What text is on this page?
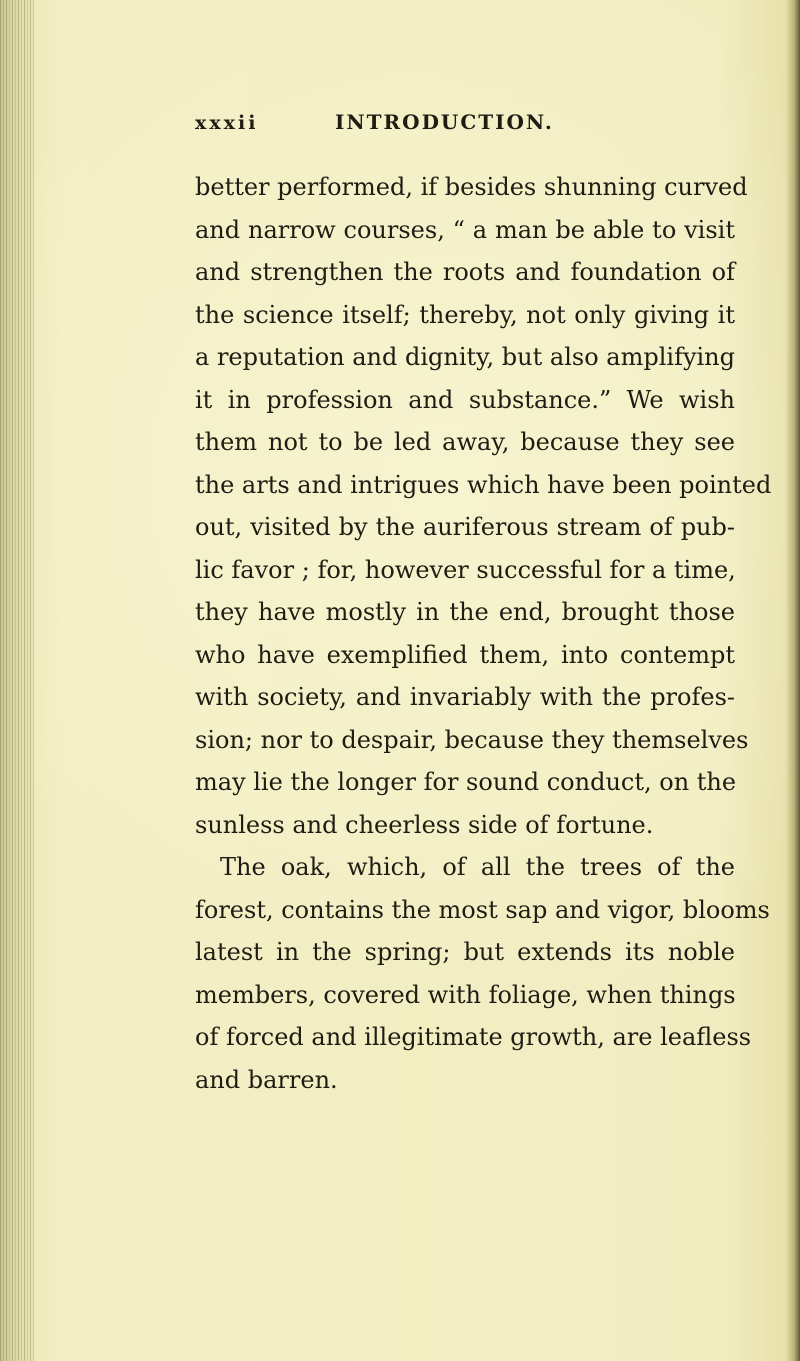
xxxii	INTRODUCTION.
better performed, if besides shunning curved
and narrow courses, “ a man be able to visit
and strengthen the roots and foundation of
the science itself; thereby, not only giving it
a reputation and dignity, but also amplifying
it in profession and substance.” We wish
them not to be led away, because they see
the arts and intrigues which have been pointed
out, visited by the auriferous stream of pub-
lic favor ; for, however successful for a time,
they have mostly in the end, brought those
who have exemplified them, into contempt
with society, and invariably with the profes-
sion; nor to despair, because they themselves
may lie the longer for sound conduct, on the
sunless and cheerless side of fortune.
The oak, which, of all the trees of the
forest, contains the most sap and vigor, blooms
latest in the spring; but extends its noble
members, covered with foliage, when things
of forced and illegitimate growth, are leafless
and barren.
